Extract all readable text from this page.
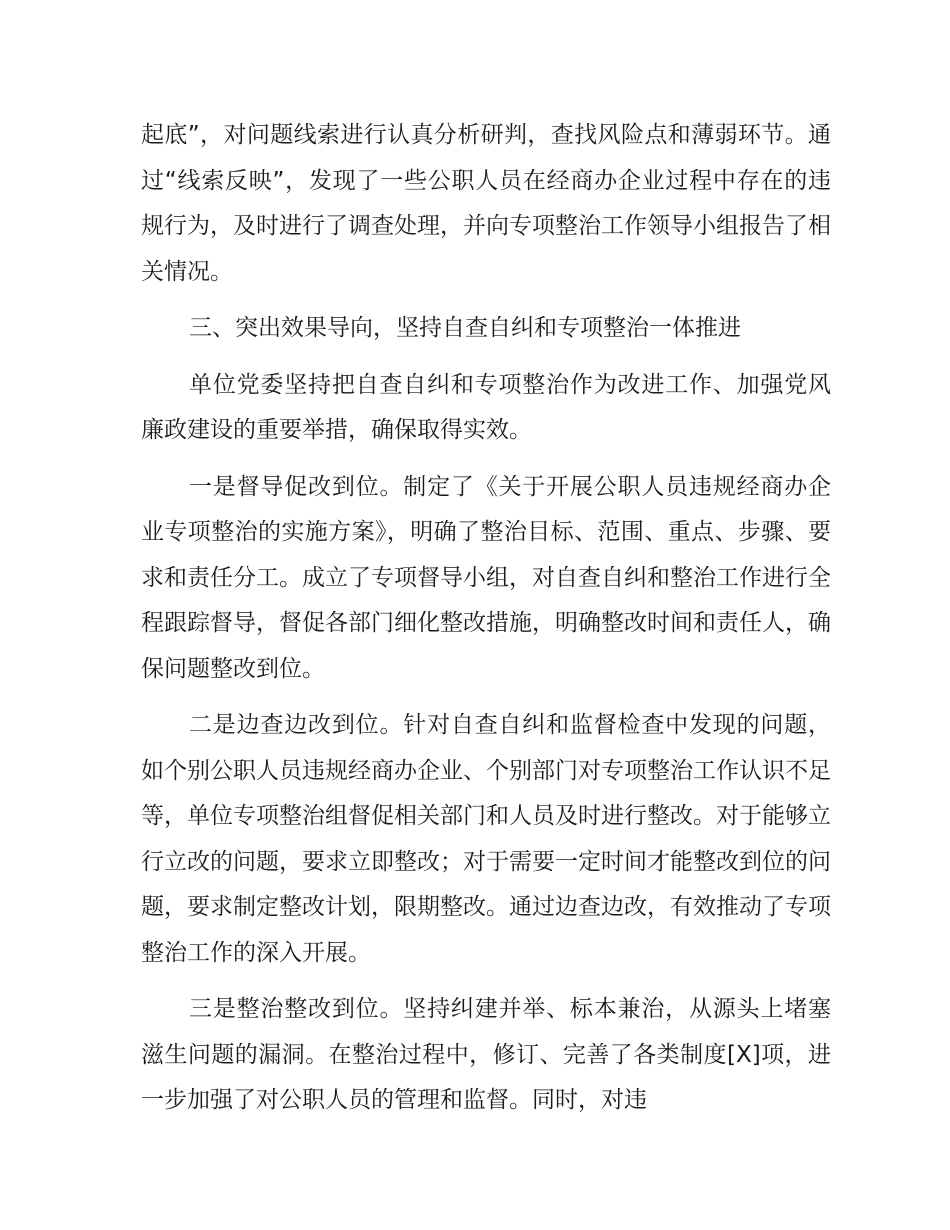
起底”，对问题线索进行认真分析研判，查找风险点和薄弱环节。通过“线索反映”，发现了一些公职人员在经商办企业过程中存在的违规行为，及时进行了调查处理，并向专项整治工作领导小组报告了相关情况。

三、突出效果导向，坚持自查自纠和专项整治一体推进

单位党委坚持把自查自纠和专项整治作为改进工作、加强党风廉政建设的重要举措，确保取得实效。

一是督导促改到位。制定了《关于开展公职人员违规经商办企业专项整治的实施方案》，明确了整治目标、范围、重点、步骤、要求和责任分工。成立了专项督导小组，对自查自纠和整治工作进行全程跟踪督导，督促各部门细化整改措施，明确整改时间和责任人，确保问题整改到位。

二是边查边改到位。针对自查自纠和监督检查中发现的问题，如个别公职人员违规经商办企业、个别部门对专项整治工作认识不足等，单位专项整治组督促相关部门和人员及时进行整改。对于能够立行立改的问题，要求立即整改；对于需要一定时间才能整改到位的问题，要求制定整改计划，限期整改。通过边查边改，有效推动了专项整治工作的深入开展。

三是整治整改到位。坚持纠建并举、标本兼治，从源头上堵塞滋生问题的漏洞。在整治过程中，修订、完善了各类制度[X]项，进一步加强了对公职人员的管理和监督。同时，对违
